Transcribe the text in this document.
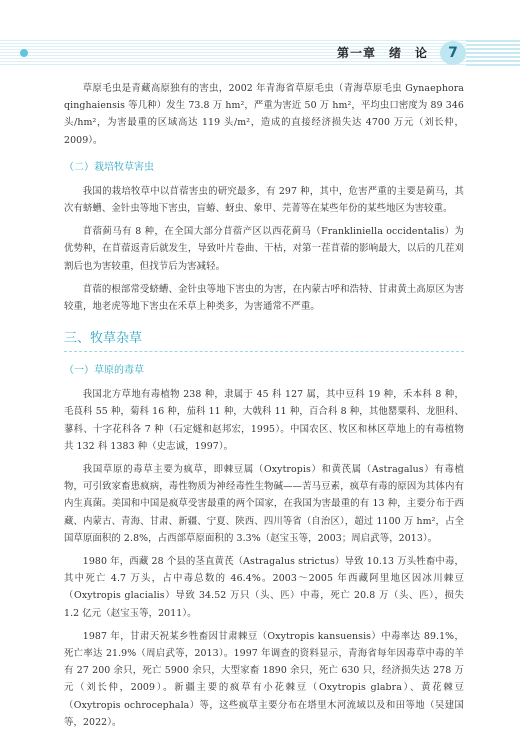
第一章　绪　论	7

草原毛虫是青藏高原独有的害虫，2002 年青海省草原毛虫（青海草原毛虫 Gynaephora qinghaiensis 等几种）发生 73.8 万 hm²，严重为害近 50 万 hm²，平均虫口密度为 89 346 头/hm²，为害最重的区域高达 119 头/m²，造成的直接经济损失达 4700 万元（刘长仲，2009）。

（二）栽培牧草害虫

我国的栽培牧草中以苜蓿害虫的研究最多，有 297 种，其中，危害严重的主要是蓟马，其次有蛴螬、金针虫等地下害虫，盲蝽、蚜虫、象甲、芫菁等在某些年份的某些地区为害较重。

苜蓿蓟马有 8 种，在全国大部分苜蓿产区以西花蓟马（Frankliniella occidentalis）为优势种，在苜蓿返青后就发生，导致叶片卷曲、干枯，对第一茬苜蓿的影响最大，以后的几茬刈割后也为害较重，但找节后为害减轻。

苜蓿的根部常受蛴螬、金针虫等地下害虫的为害，在内蒙古呼和浩特、甘肃黄土高原区为害较重，地老虎等地下害虫在禾草上种类多，为害通常不严重。

三、牧草杂草
（一）草原的毒草

我国北方草地有毒植物 238 种，隶属于 45 科 127 属，其中豆科 19 种，禾本科 8 种，毛茛科 55 种，菊科 16 种，茄科 11 种，大戟科 11 种，百合科 8 种，其他罂粟科、龙胆科、蓼科、十字花科各 7 种（石定燧和赵邦宏，1995）。中国农区、牧区和林区草地上的有毒植物共 132 科 1383 种（史志诚，1997）。

我国草原的毒草主要为疯草，即棘豆属（Oxytropis）和黄芪属（Astragalus）有毒植物，可引致家畜患疯病，毒性物质为神经毒性生物碱——苦马豆素，疯草有毒的原因为其体内有内生真菌。美国和中国是疯草受害最重的两个国家，在我国为害最重的有 13 种，主要分布于西藏、内蒙古、青海、甘肃、新疆、宁夏、陕西、四川等省（自治区），超过 1100 万 hm²，占全国草原面积的 2.8%，占西部草原面积的 3.3%（赵宝玉等，2003；周启武等，2013）。

1980 年，西藏 28 个县的茎直黄芪（Astragalus strictus）导致 10.13 万头牲畜中毒，其中死亡 4.7 万头，占中毒总数的 46.4%。2003～2005 年西藏阿里地区因冰川棘豆（Oxytropis glacialis）导致 34.52 万只（头、匹）中毒，死亡 20.8 万（头、匹），损失 1.2 亿元（赵宝玉等，2011）。

1987 年，甘肃天祝某乡牲畜因甘肃棘豆（Oxytropis kansuensis）中毒率达 89.1%，死亡率达 21.9%（周启武等，2013）。1997 年调查的资料显示，青海省每年因毒草中毒的羊有 27 200 余只，死亡 5900 余只，大型家畜 1890 余只，死亡 630 只，经济损失达 278 万元（刘长仲，2009）。新疆主要的疯草有小花棘豆（Oxytropis glabra）、黄花棘豆（Oxytropis ochrocephala）等，这些疯草主要分布在塔里木河流域以及和田等地（吴建国等，2022）。
